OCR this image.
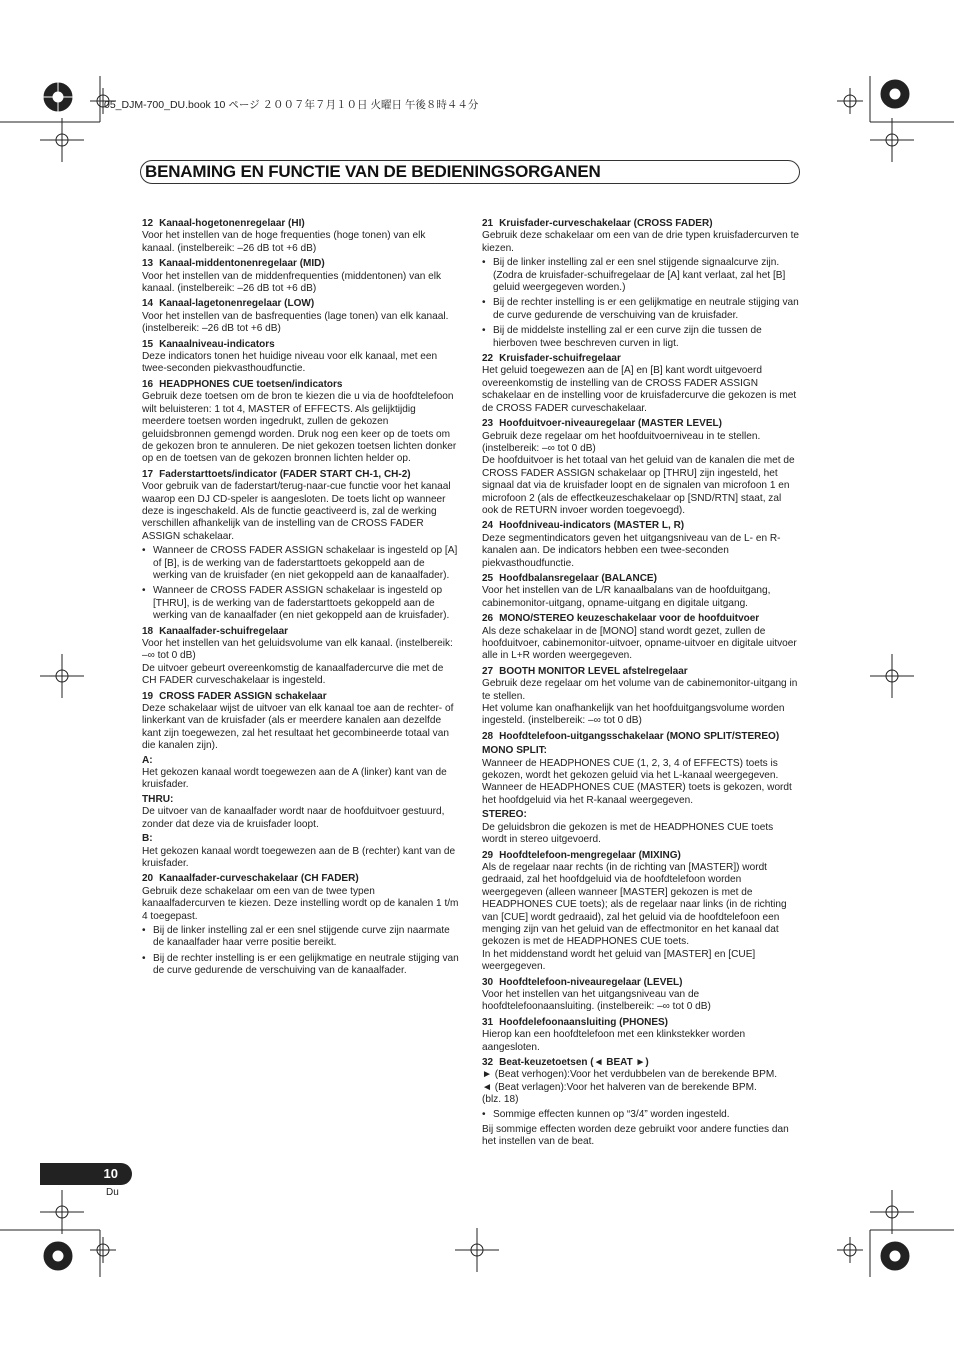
05_DJM-700_DU.book 10 ページ ２００７年７月１０日 火曜日 午後８時４４分
BENAMING EN FUNCTIE VAN DE BEDIENINGSORGANEN
12 Kanaal-hogetonenregelaar (HI)

Voor het instellen van de hoge frequenties (hoge tonen) van elk kanaal. (instelbereik: –26 dB tot +6 dB)

13 Kanaal-middentonenregelaar (MID)

Voor het instellen van de middenfrequenties (middentonen) van elk kanaal. (instelbereik: –26 dB tot +6 dB)

14 Kanaal-lagetonenregelaar (LOW)

Voor het instellen van de basfrequenties (lage tonen) van elk kanaal. (instelbereik: –26 dB tot +6 dB)

15 Kanaalniveau-indicators

Deze indicators tonen het huidige niveau voor elk kanaal, met een twee-seconden piekvasthoudfunctie.

16 HEADPHONES CUE toetsen/indicators

Gebruik deze toetsen om de bron te kiezen die u via de hoofdtelefoon wilt beluisteren: 1 tot 4, MASTER of EFFECTS. Als gelijktijdig meerdere toetsen worden ingedrukt, zullen de gekozen geluidsbronnen gemengd worden. Druk nog een keer op de toets om de gekozen bron te annuleren. De niet gekozen toetsen lichten donker op en de toetsen van de gekozen bronnen lichten helder op.

17 Faderstarttoets/indicator (FADER START CH-1, CH-2)

Voor gebruik van de faderstart/terug-naar-cue functie voor het kanaal waarop een DJ CD-speler is aangesloten. De toets licht op wanneer deze is ingeschakeld. Als de functie geactiveerd is, zal de werking verschillen afhankelijk van de instelling van de CROSS FADER ASSIGN schakelaar.

• Wanneer de CROSS FADER ASSIGN schakelaar is ingesteld op [A] of [B], is de werking van de faderstarttoets gekoppeld aan de werking van de kruisfader (en niet gekoppeld aan de kanaalfader).
• Wanneer de CROSS FADER ASSIGN schakelaar is ingesteld op [THRU], is de werking van de faderstarttoets gekoppeld aan de werking van de kanaalfader (en niet gekoppeld aan de kruisfader).
18 Kanaalfader-schuifregelaar

Voor het instellen van het geluidsvolume van elk kanaal. (instelbereik: –∞ tot 0 dB)
De uitvoer gebeurt overeenkomstig de kanaalfadercurve die met de CH FADER curveschakelaar is ingesteld.

19 CROSS FADER ASSIGN schakelaar

Deze schakelaar wijst de uitvoer van elk kanaal toe aan de rechter- of linkerkant van de kruisfader (als er meerdere kanalen aan dezelfde kant zijn toegewezen, zal het resultaat het gecombineerde totaal van die kanalen zijn).

A:

Het gekozen kanaal wordt toegewezen aan de A (linker) kant van de kruisfader.

THRU:

De uitvoer van de kanaalfader wordt naar de hoofduitvoer gestuurd, zonder dat deze via de kruisfader loopt.

B:

Het gekozen kanaal wordt toegewezen aan de B (rechter) kant van de kruisfader.

20 Kanaalfader-curveschakelaar (CH FADER)

Gebruik deze schakelaar om een van de twee typen kanaalfadercurven te kiezen. Deze instelling wordt op de kanalen 1 t/m 4 toegepast.

• Bij de linker instelling zal er een snel stijgende curve zijn naarmate de kanaalfader haar verre positie bereikt.
• Bij de rechter instelling is er een gelijkmatige en neutrale stijging van de curve gedurende de verschuiving van de kanaalfader.
21 Kruisfader-curveschakelaar (CROSS FADER)

Gebruik deze schakelaar om een van de drie typen kruisfadercurven te kiezen.

• Bij de linker instelling zal er een snel stijgende signaalcurve zijn. (Zodra de kruisfader-schuifregelaar de [A] kant verlaat, zal het [B] geluid weergegeven worden.)
• Bij de rechter instelling is er een gelijkmatige en neutrale stijging van de curve gedurende de verschuiving van de kruisfader.
• Bij de middelste instelling zal er een curve zijn die tussen de hierboven twee beschreven curven in ligt.
22 Kruisfader-schuifregelaar

Het geluid toegewezen aan de [A] en [B] kant wordt uitgevoerd overeenkomstig de instelling van de CROSS FADER ASSIGN schakelaar en de instelling voor de kruisfadercurve die gekozen is met de CROSS FADER curveschakelaar.

23 Hoofduitvoer-niveauregelaar (MASTER LEVEL)

Gebruik deze regelaar om het hoofduitvoerniveau in te stellen. (instelbereik: –∞ tot 0 dB)
De hoofduitvoer is het totaal van het geluid van de kanalen die met de CROSS FADER ASSIGN schakelaar op [THRU] zijn ingesteld, het signaal dat via de kruisfader loopt en de signalen van microfoon 1 en microfoon 2 (als de effectkeuzeschakelaar op [SND/RTN] staat, zal ook de RETURN invoer worden toegevoegd).

24 Hoofdniveau-indicators (MASTER L, R)

Deze segmentindicators geven het uitgangsniveau van de L- en R-kanalen aan. De indicators hebben een twee-seconden piekvasthoudfunctie.

25 Hoofdbalansregelaar (BALANCE)

Voor het instellen van de L/R kanaalbalans van de hoofduitgang, cabinemonitor-uitgang, opname-uitgang en digitale uitgang.

26 MONO/STEREO keuzeschakelaar voor de hoofduitvoer

Als deze schakelaar in de [MONO] stand wordt gezet, zullen de hoofduitvoer, cabinemonitor-uitvoer, opname-uitvoer en digitale uitvoer alle in L+R worden weergegeven.

27 BOOTH MONITOR LEVEL afstelregelaar

Gebruik deze regelaar om het volume van de cabinemonitor-uitgang in te stellen.
Het volume kan onafhankelijk van het hoofduitgangsvolume worden ingesteld. (instelbereik: –∞ tot 0 dB)

28 Hoofdtelefoon-uitgangsschakelaar (MONO SPLIT/STEREO)
MONO SPLIT:

Wanneer de HEADPHONES CUE (1, 2, 3, 4 of EFFECTS) toets is gekozen, wordt het gekozen geluid via het L-kanaal weergegeven. Wanneer de HEADPHONES CUE (MASTER) toets is gekozen, wordt het hoofdgeluid via het R-kanaal weergegeven.

STEREO:

De geluidsbron die gekozen is met de HEADPHONES CUE toets wordt in stereo uitgevoerd.

29 Hoofdtelefoon-mengregelaar (MIXING)

Als de regelaar naar rechts (in de richting van [MASTER]) wordt gedraaid, zal het hoofdgeluid via de hoofdtelefoon worden weergegeven (alleen wanneer [MASTER] gekozen is met de HEADPHONES CUE toets); als de regelaar naar links (in de richting van [CUE] wordt gedraaid), zal het geluid via de hoofdtelefoon een menging zijn van het geluid van de effectmonitor en het kanaal dat gekozen is met de HEADPHONES CUE toets.
In het middenstand wordt het geluid van [MASTER] en [CUE] weergegeven.

30 Hoofdtelefoon-niveauregelaar (LEVEL)

Voor het instellen van het uitgangsniveau van de hoofdtelefoonaansluiting. (instelbereik: –∞ tot 0 dB)

31 Hoofdelefoonaansluiting (PHONES)

Hierop kan een hoofdtelefoon met een klinkstekker worden aangesloten.

32 Beat-keuzetoetsen (◄ BEAT ►)

► (Beat verhogen):Voor het verdubbelen van de berekende BPM.
◄ (Beat verlagen):Voor het halveren van de berekende BPM.
(blz. 18)

• Sommige effecten kunnen op “3/4” worden ingesteld.

Bij sommige effecten worden deze gebruikt voor andere functies dan het instellen van de beat.

10
Du
